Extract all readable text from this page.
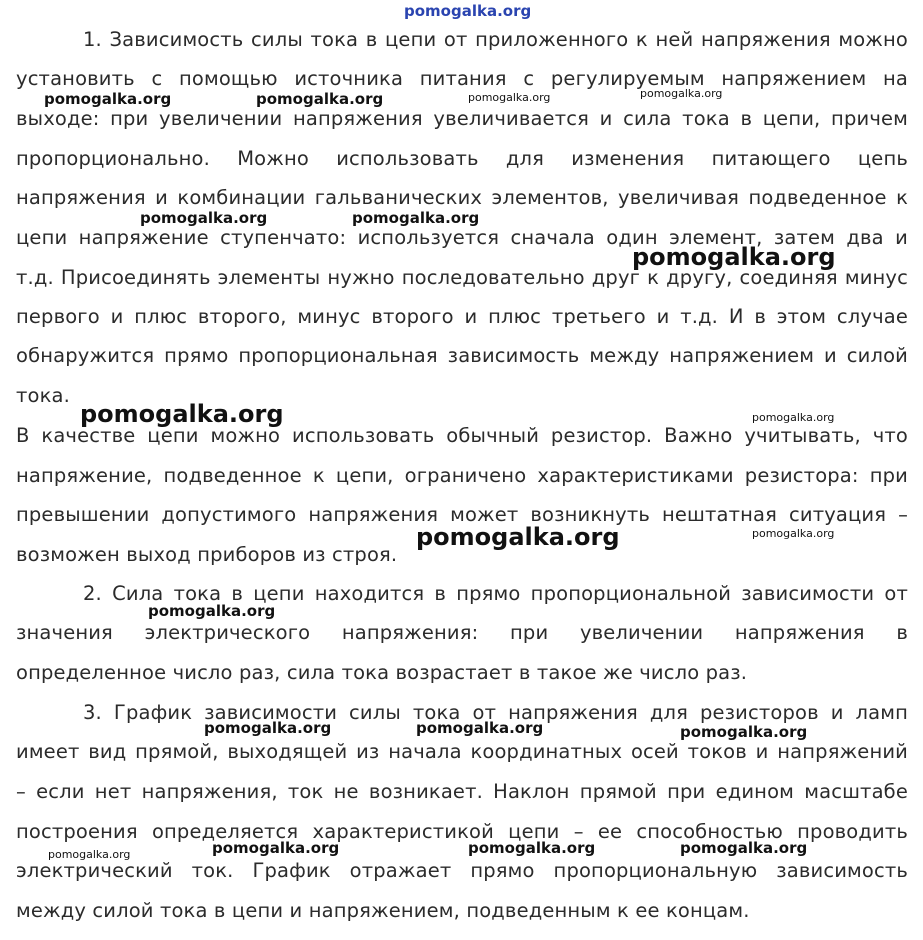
1. Зависимость силы тока в цепи от приложенного к ней напряжения можно
установить с помощью источника питания с регулируемым напряжением на
выходе: при увеличении напряжения увеличивается и сила тока в цепи, причем
пропорционально. Можно использовать для изменения питающего цепь
напряжения и комбинации гальванических элементов, увеличивая подведенное к
цепи напряжение ступенчато: используется сначала один элемент, затем два и
т.д. Присоединять элементы нужно последовательно друг к другу, соединяя минус
первого и плюс второго, минус второго и плюс третьего и т.д. И в этом случае
обнаружится прямо пропорциональная зависимость между напряжением и силой
тока.
В качестве цепи можно использовать обычный резистор. Важно учитывать, что
напряжение, подведенное к цепи, ограничено характеристиками резистора: при
превышении допустимого напряжения может возникнуть нештатная ситуация –
возможен выход приборов из строя.
2. Сила тока в цепи находится в прямо пропорциональной зависимости от
значения электрического напряжения: при увеличении напряжения в
определенное число раз, сила тока возрастает в такое же число раз.
3. График зависимости силы тока от напряжения для резисторов и ламп
имеет вид прямой, выходящей из начала координатных осей токов и напряжений
– если нет напряжения, ток не возникает. Наклон прямой при едином масштабе
построения определяется характеристикой цепи – ее способностью проводить
электрический ток. График отражает прямо пропорциональную зависимость
между силой тока в цепи и напряжением, подведенным к ее концам.
pomogalka.org
pomogalka.org	pomogalka.org	pomogalka.org	pomogalka.org
pomogalka.org	pomogalka.org
pomogalka.org
pomogalka.org	pomogalka.org
pomogalka.org	pomogalka.org
pomogalka.org
pomogalka.org	pomogalka.org	pomogalka.org
pomogalka.org	pomogalka.org	pomogalka.org	pomogalka.org
